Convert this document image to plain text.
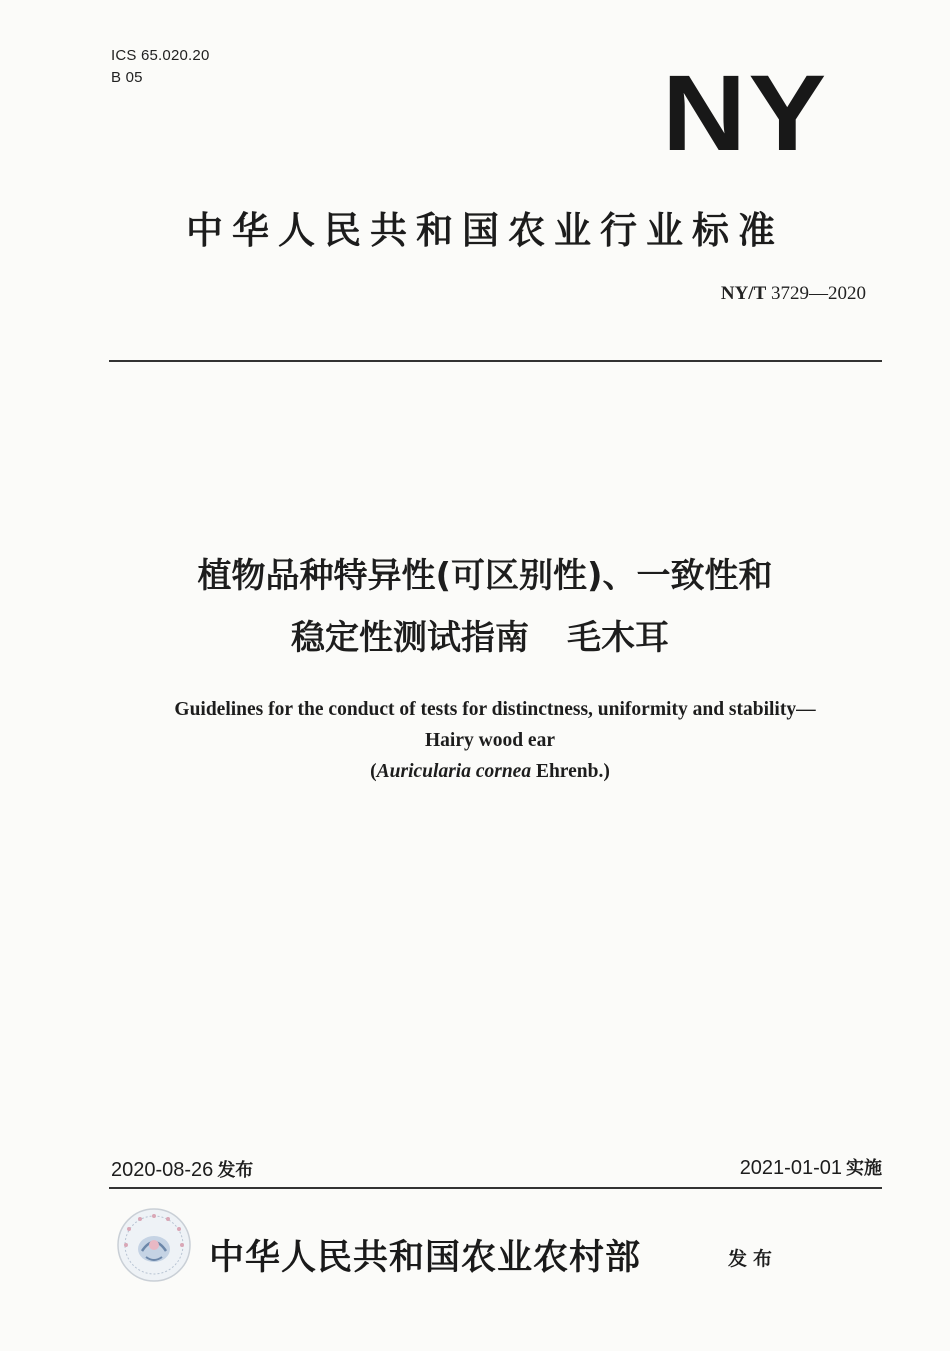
ICS 65.020.20
B 05	NY
中华人民共和国农业行业标准
NY/T 3729—2020
植物品种特异性(可区别性)、一致性和
稳定性测试指南 毛木耳
Guidelines for the conduct of tests for distinctness, uniformity and stability—
Hairy wood ear
(Auricularia cornea Ehrenb.)
2020-08-26 发布	2021-01-01 实施
中华人民共和国农业农村部	发布
